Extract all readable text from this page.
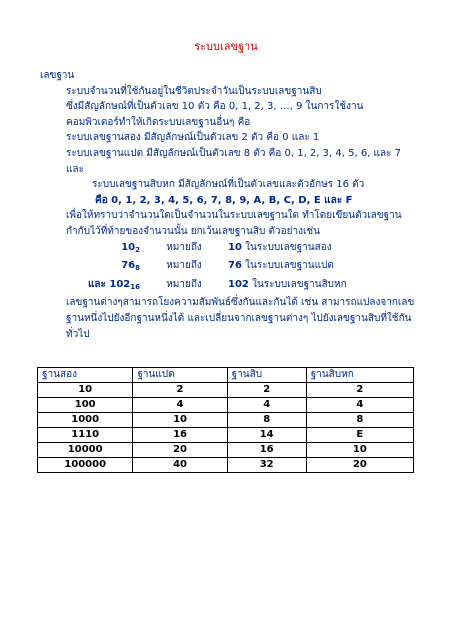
ระบบเลขฐาน

เลขฐาน

ระบบจำนวนที่ใช้กันอยู่ในชีวิตประจำวันเป็นระบบเลขฐานสิบ

ซึ่งมีสัญลักษณ์ที่เป็นตัวเลข 10 ตัว คือ 0, 1, 2, 3, …, 9 ในการใช้งานคอมพิวเตอร์ทำให้เกิดระบบเลขฐานอื่นๆ คือ

ระบบเลขฐานสอง มีสัญลักษณ์เป็นตัวเลข 2 ตัว คือ 0 และ 1

ระบบเลขฐานแปด มีสัญลักษณ์เป็นตัวเลข 8 ตัว คือ 0, 1, 2, 3, 4, 5, 6, และ 7 และ

ระบบเลขฐานสิบหก มีสัญลักษณ์ที่เป็นตัวเลขและตัวอักษร 16 ตัว

คือ 0, 1, 2, 3, 4, 5, 6, 7, 8, 9, A, B, C, D, E และ F

เพื่อให้ทราบว่าจำนวนใดเป็นจำนวนในระบบเลขฐานใด ทำโดยเขียนตัวเลขฐานกำกับไว้ที่ท้ายของจำนวนนั้น ยกเว้นเลขฐานสิบ ตัวอย่างเช่น

$10_2$	หมายถึง	10 ในระบบเลขฐานสอง
$76_8$	หมายถึง	76 ในระบบเลขฐานแปด
และ $102_{16}$	หมายถึง	102 ในระบบเลขฐานสิบหก

เลขฐานต่างๆสามารถโยงความสัมพันธ์ซึ่งกันและกันได้ เช่น สามารถแปลงจากเลขฐานหนึ่งไปยังอีกฐานหนึ่งได้ และเปลี่ยนจากเลขฐานต่างๆ ไปยังเลขฐานสิบที่ใช้กันทั่วไป

ฐานสอง	ฐานแปด	ฐานสิบ	ฐานสิบหก
10	2	2	2
100	4	4	4
1000	10	8	8
1110	16	14	E
10000	20	16	10
100000	40	32	20
